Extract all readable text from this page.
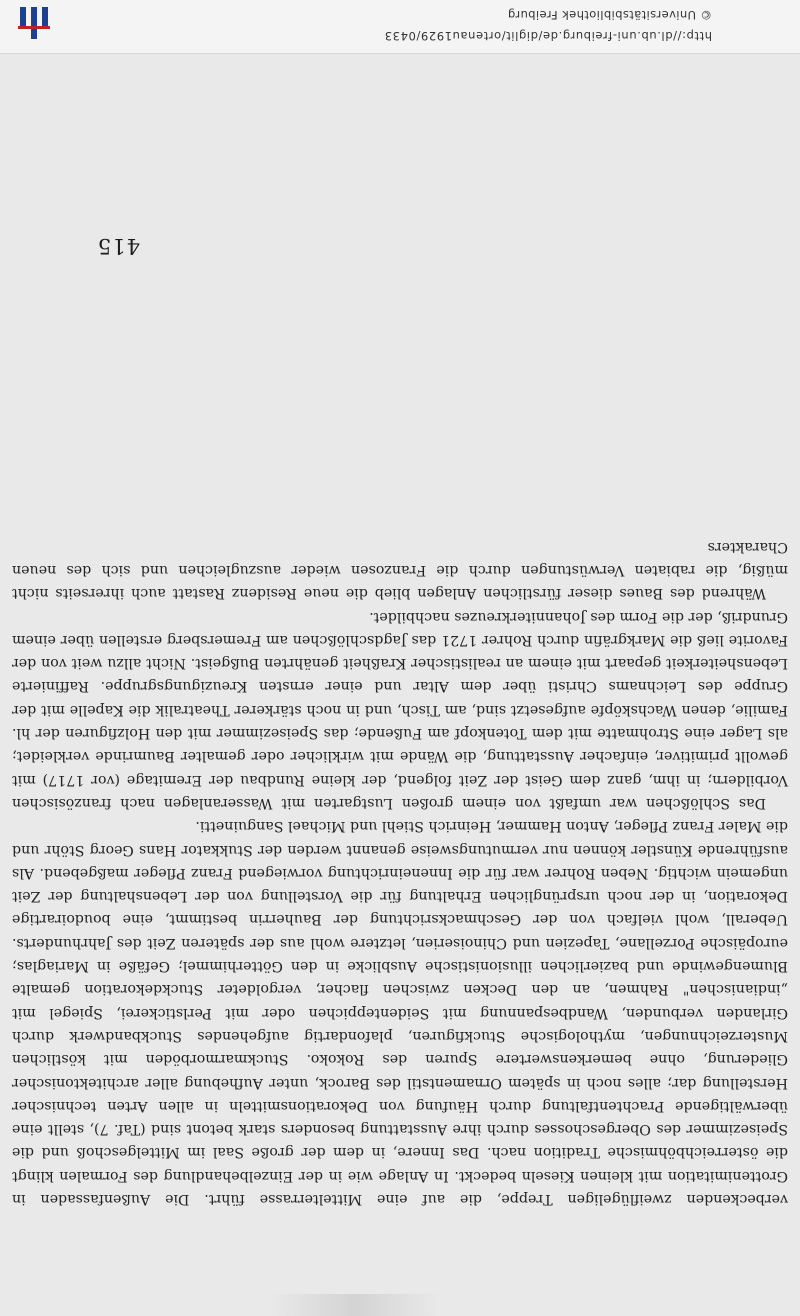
415

verbeckenden zweiflügeligen Treppe, die auf eine Mittelterrasse führt. Die Außenfassaden in Grottenimitation mit kleinen Kieseln bedeckt. In Anlage wie in der Einzelbehandlung des Formalen klingt die österreichböhmische Tradition nach. Das Innere, in dem der große Saal im Mittelgeschoß und die Speisezimmer des Obergeschosses durch ihre Ausstattung besonders stark betont sind (Taf. 7), stellt eine überwältigende Prachtentfaltung durch Häufung von Dekorationsmitteln in allen Arten technischer Herstellung dar; alles noch in spätem Ornamentstil des Barock, unter Aufhebung aller architektonischer Gliederung, ohne bemerkenswertere Spuren des Rokoko. Stuckmarmorböden mit köstlichen Musterzeichnungen, mythologische Stuckfiguren, plafondartig aufgehendes Stuckbandwerk durch Girlanden verbunden, Wandbespannung mit Seidenteppichen oder mit Perlstickerei, Spiegel mit „indianischen" Rahmen, an den Decken zwischen flacher, vergoldeter Stuckdekoration gemalte Blumengewinde und bazierlichen illusionistische Ausblicke in den Götterhimmel; Gefäße in Mariaglas; europäische Porzellane, Tapezien und Chinoiserien, letztere wohl aus der späteren Zeit des Jahrhunderts. Ueberall, wohl vielfach von der Geschmacksrichtung der Bauherrin bestimmt, eine boudoirartige Dekoration, in der noch ursprünglichen Erhaltung für die Vorstellung von der Lebenshaltung der Zeit ungemein wichtig. Neben Rohrer war für die Inneneinrichtung vorwiegend Franz Pfleger maßgebend. Als ausführende Künstler können nur vermutungsweise genannt werden der Stukkator Hans Georg Stöhr und die Maler Franz Pfleger, Anton Hammer, Heinrich Stiehl und Michael Sanguinetti.

Das Schlößchen war umfaßt von einem großen Lustgarten mit Wasseranlagen nach französischen Vorbildern; in ihm, ganz dem Geist der Zeit folgend, der kleine Rundbau der Eremitage (vor 1717) mit gewollt primitiver, einfacher Ausstattung, die Wände mit wirklicher oder gemalter Baumrinde verkleidet; als Lager eine Strohmatte mit dem Totenkopf am Fußende; das Speisezimmer mit den Holzfiguren der hl. Familie, denen Wachsköpfe aufgesetzt sind, am Tisch, und in noch stärkerer Theatralik die Kapelle mit der Gruppe des Leichnams Christi über dem Altar und einer ernsten Kreuzigungsgruppe. Raffinierte Lebensheiterkeit gepaart mit einem an realistischer Kraßheit genährten Bußgeist. Nicht allzu weit von der Favorite ließ die Markgräfin durch Rohrer 1721 das Jagdschlößchen am Fremersberg erstellen über einem Grundriß, der die Form des Johanniterkreuzes nachbildet.

Während des Baues dieser fürstlichen Anlagen blieb die neue Residenz Rastatt auch ihrerseits nicht müßig, die rabiaten Verwüstungen durch die Franzosen wieder auszugleichen und sich des neuen Charakters

http://dl.ub.uni-freiburg.de/diglit/ortenau1929/0433
© Universitätsbibliothek Freiburg
